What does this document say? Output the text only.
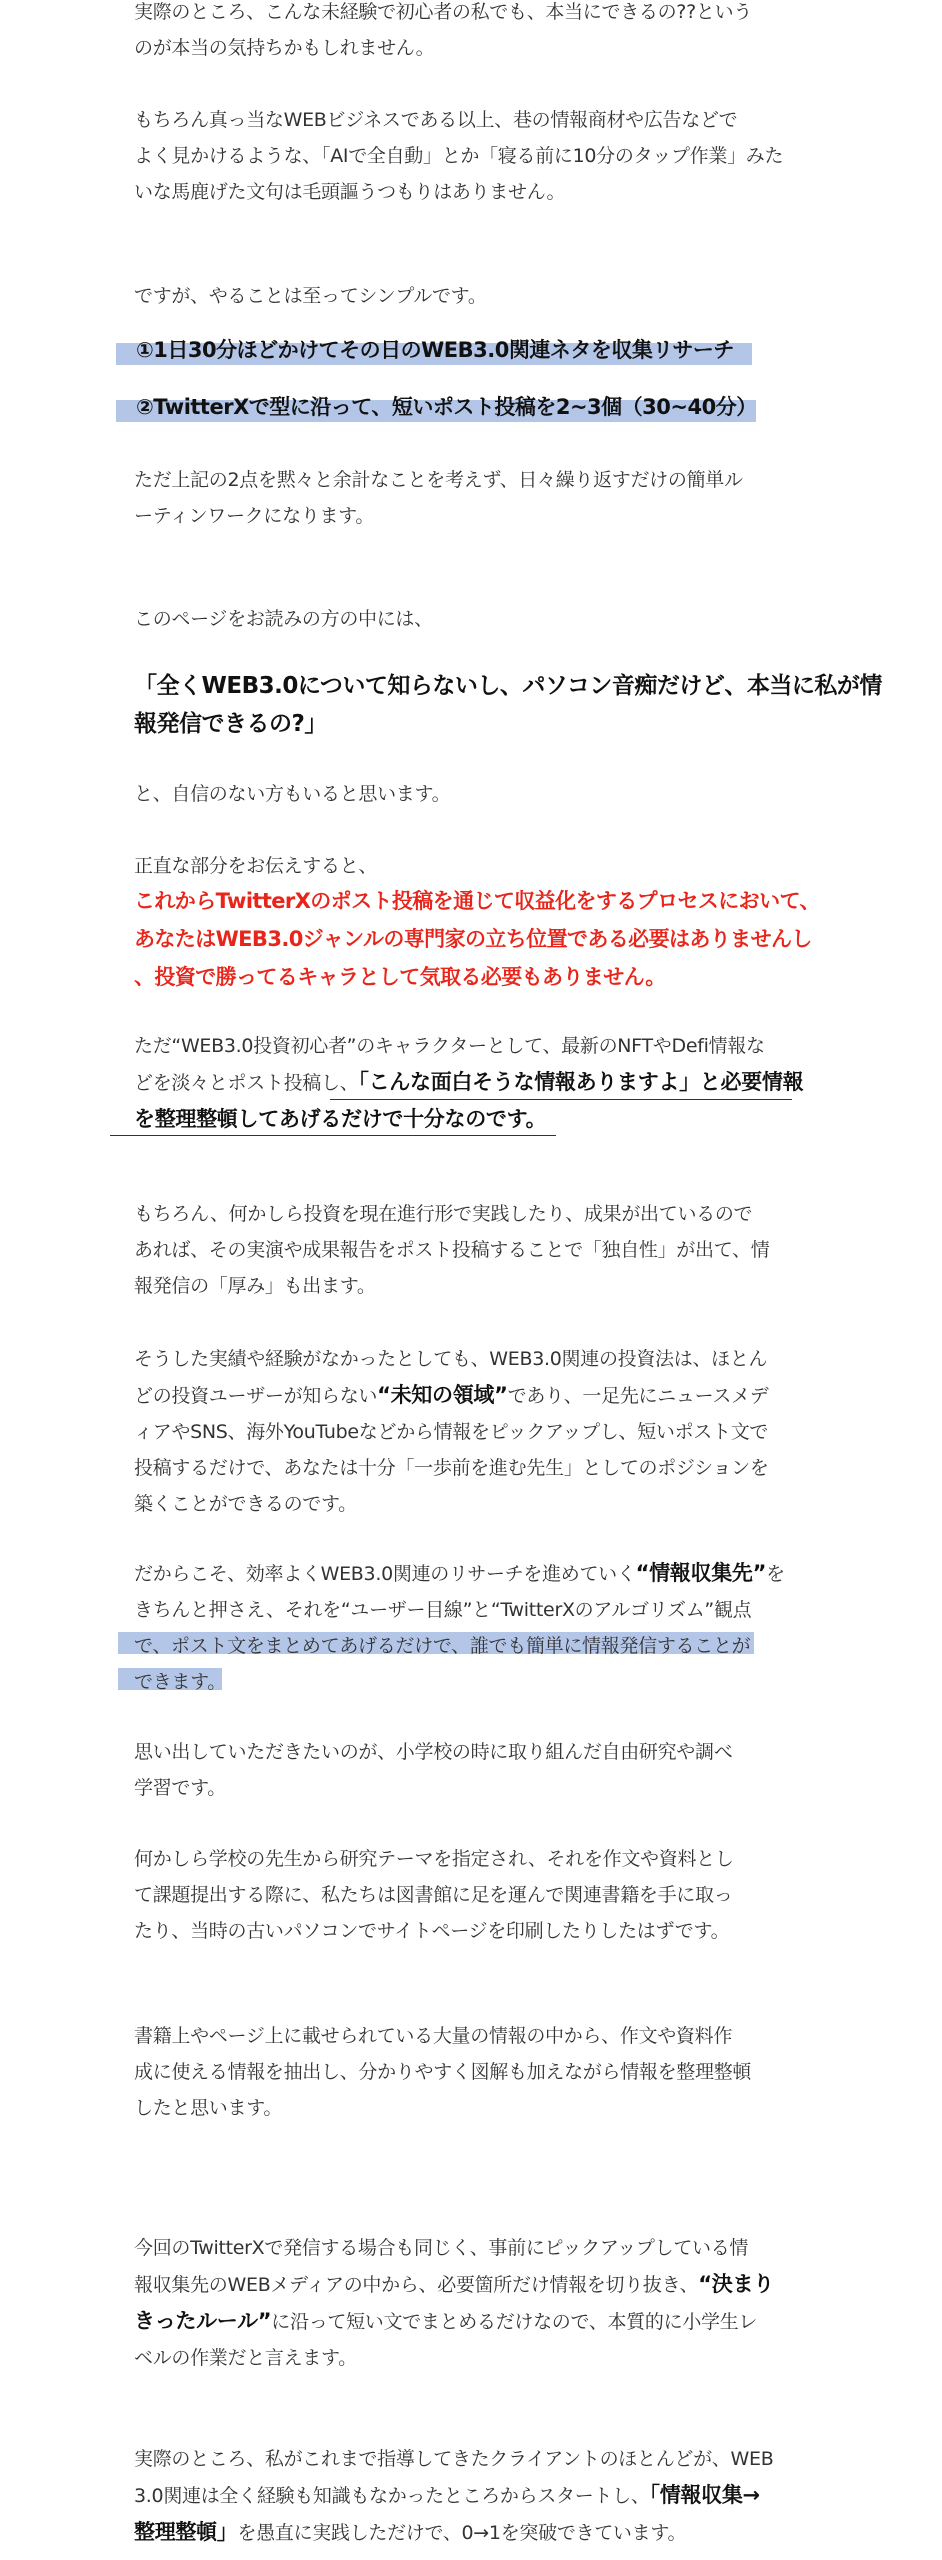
実際のところ、こんな未経験で初心者の私でも、本当にできるの??という
のが本当の気持ちかもしれません。
もちろん真っ当なWEBビジネスである以上、巷の情報商材や広告などで
よく見かけるような、「AIで全自動」とか「寝る前に10分のタップ作業」みた
いな馬鹿げた文句は毛頭謳うつもりはありません。
ですが、やることは至ってシンプルです。
①1日30分ほどかけてその日のWEB3.0関連ネタを収集リサーチ
②TwitterXで型に沿って、短いポスト投稿を2~3個（30~40分）
ただ上記の2点を黙々と余計なことを考えず、日々繰り返すだけの簡単ル
ーティンワークになります。
このページをお読みの方の中には、
「全くWEB3.0について知らないし、パソコン音痴だけど、本当に私が情
報発信できるの?」
と、自信のない方もいると思います。
正直な部分をお伝えすると、
これからTwitterXのポスト投稿を通じて収益化をするプロセスにおいて、
あなたはWEB3.0ジャンルの専門家の立ち位置である必要はありませんし
、投資で勝ってるキャラとして気取る必要もありません。
ただ“WEB3.0投資初心者”のキャラクターとして、最新のNFTやDefi情報な
どを淡々とポスト投稿し、「こんな面白そうな情報ありますよ」と必要情報
を整理整頓してあげるだけで十分なのです。
もちろん、何かしら投資を現在進行形で実践したり、成果が出ているので
あれば、その実演や成果報告をポスト投稿することで「独自性」が出て、情
報発信の「厚み」も出ます。
そうした実績や経験がなかったとしても、WEB3.0関連の投資法は、ほとん
どの投資ユーザーが知らない“未知の領域”であり、一足先にニュースメデ
ィアやSNS、海外YouTubeなどから情報をピックアップし、短いポスト文で
投稿するだけで、あなたは十分「一歩前を進む先生」としてのポジションを
築くことができるのです。
だからこそ、効率よくWEB3.0関連のリサーチを進めていく“情報収集先”を
きちんと押さえ、それを“ユーザー目線”と“TwitterXのアルゴリズム”観点
で、ポスト文をまとめてあげるだけで、誰でも簡単に情報発信することが
できます。
思い出していただきたいのが、小学校の時に取り組んだ自由研究や調べ
学習です。
何かしら学校の先生から研究テーマを指定され、それを作文や資料とし
て課題提出する際に、私たちは図書館に足を運んで関連書籍を手に取っ
たり、当時の古いパソコンでサイトページを印刷したりしたはずです。
書籍上やページ上に載せられている大量の情報の中から、作文や資料作
成に使える情報を抽出し、分かりやすく図解も加えながら情報を整理整頓
したと思います。
今回のTwitterXで発信する場合も同じく、事前にピックアップしている情
報収集先のWEBメディアの中から、必要箇所だけ情報を切り抜き、“決まり
きったルール”に沿って短い文でまとめるだけなので、本質的に小学生レ
ベルの作業だと言えます。
実際のところ、私がこれまで指導してきたクライアントのほとんどが、WEB
3.0関連は全く経験も知識もなかったところからスタートし、「情報収集→
整理整頓」を愚直に実践しただけで、0→1を突破できています。
